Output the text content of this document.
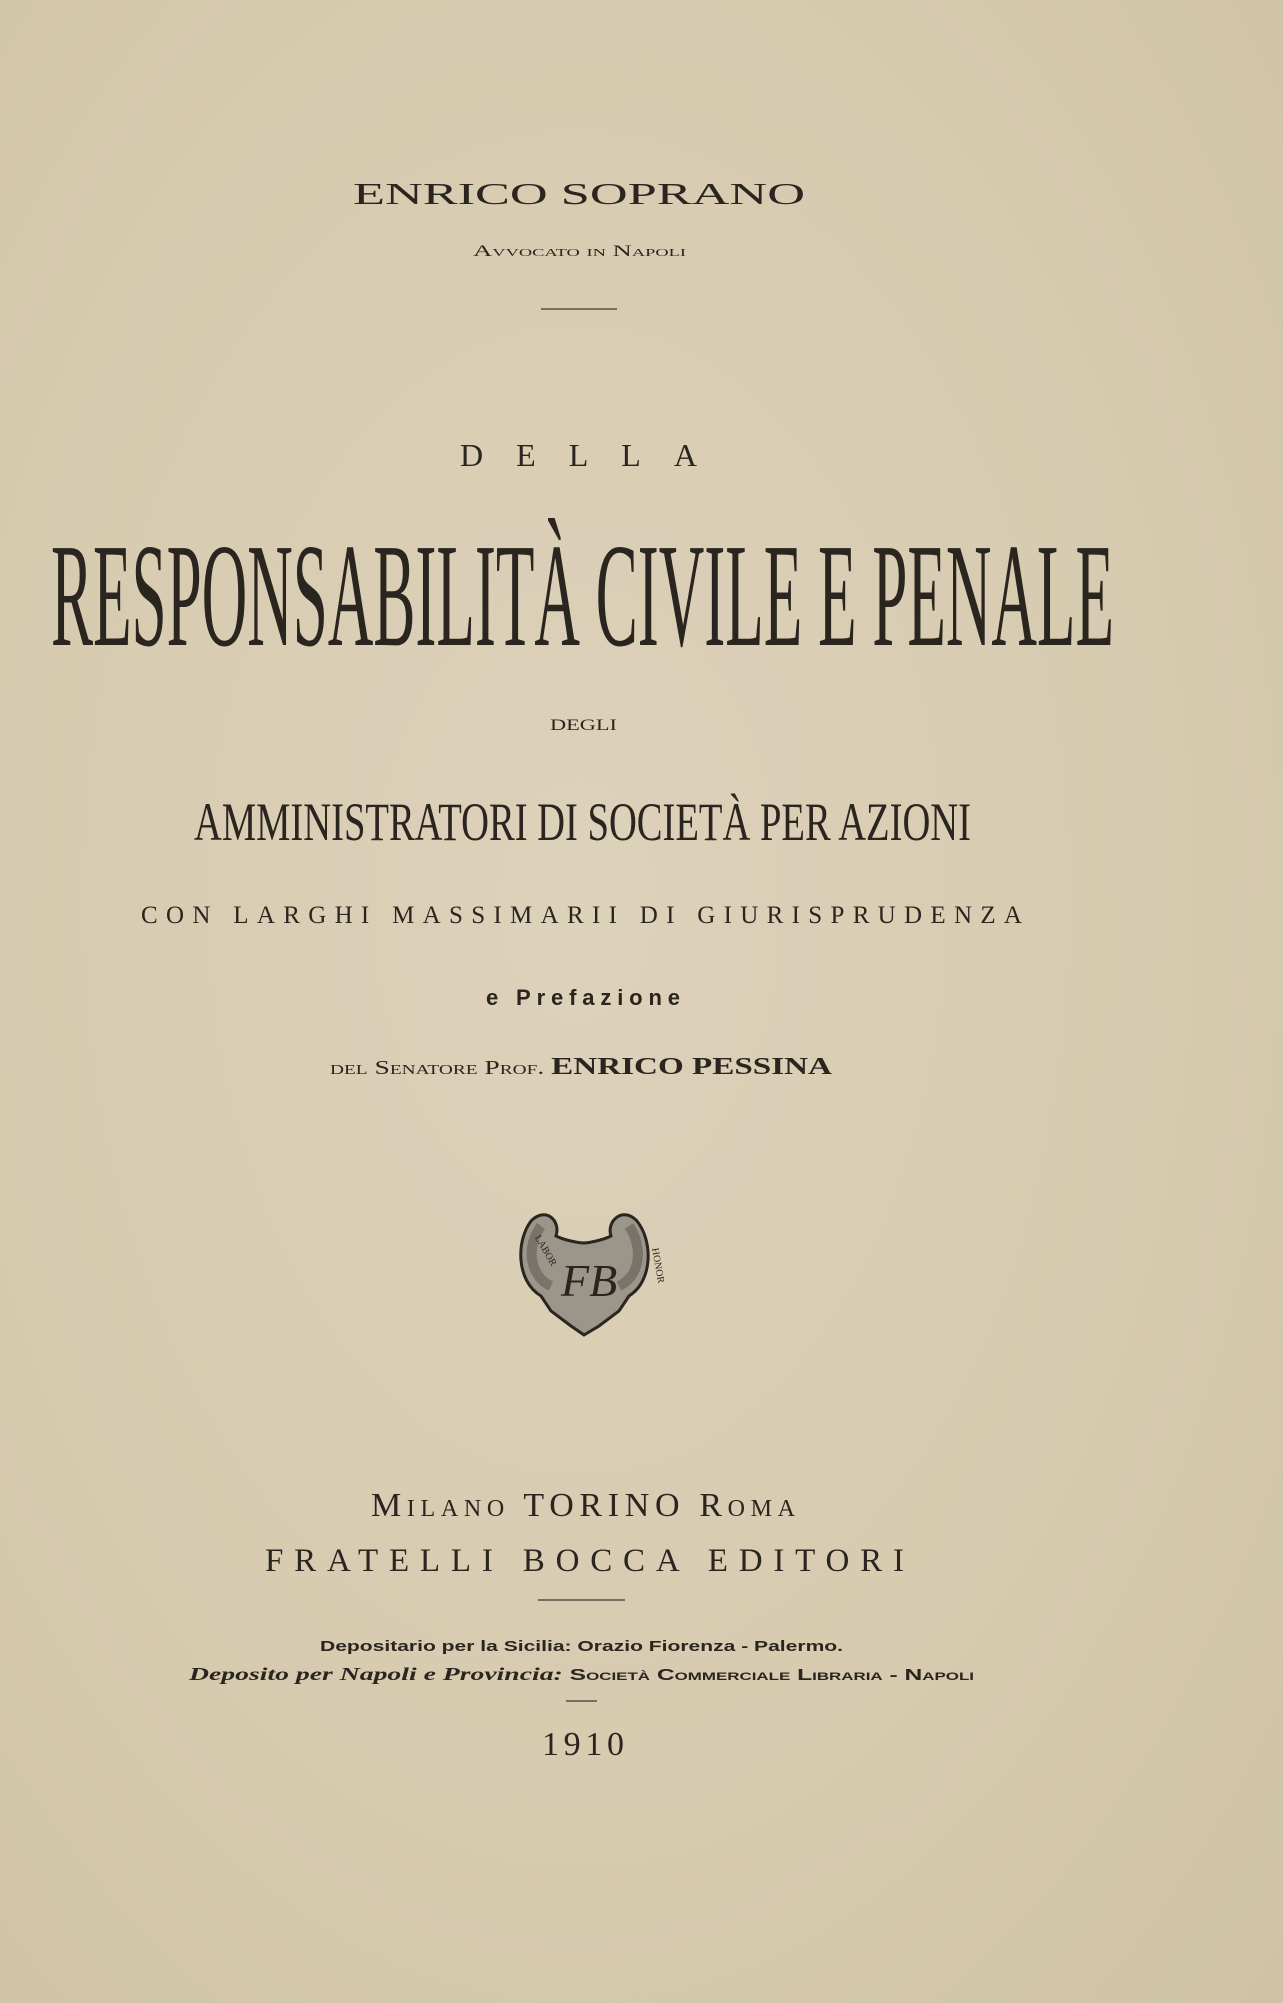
ENRICO SOPRANO
Avvocato in Napoli
DELLA
RESPONSABILITÀ CIVILE E PENALE
DEGLI
AMMINISTRATORI DI SOCIETÀ PER AZIONI
CON LARGHI MASSIMARII DI GIURISPRUDENZA
e Prefazione
del Senatore Prof.	ENRICO PESSINA
FB
LABOR	HONOR
Milano TORINO Roma
FRATELLI BOCCA EDITORI
Depositario per la Sicilia: Orazio Fiorenza - Palermo.
Deposito per Napoli e Provincia:	Società Commerciale Libraria - Napoli
1910
